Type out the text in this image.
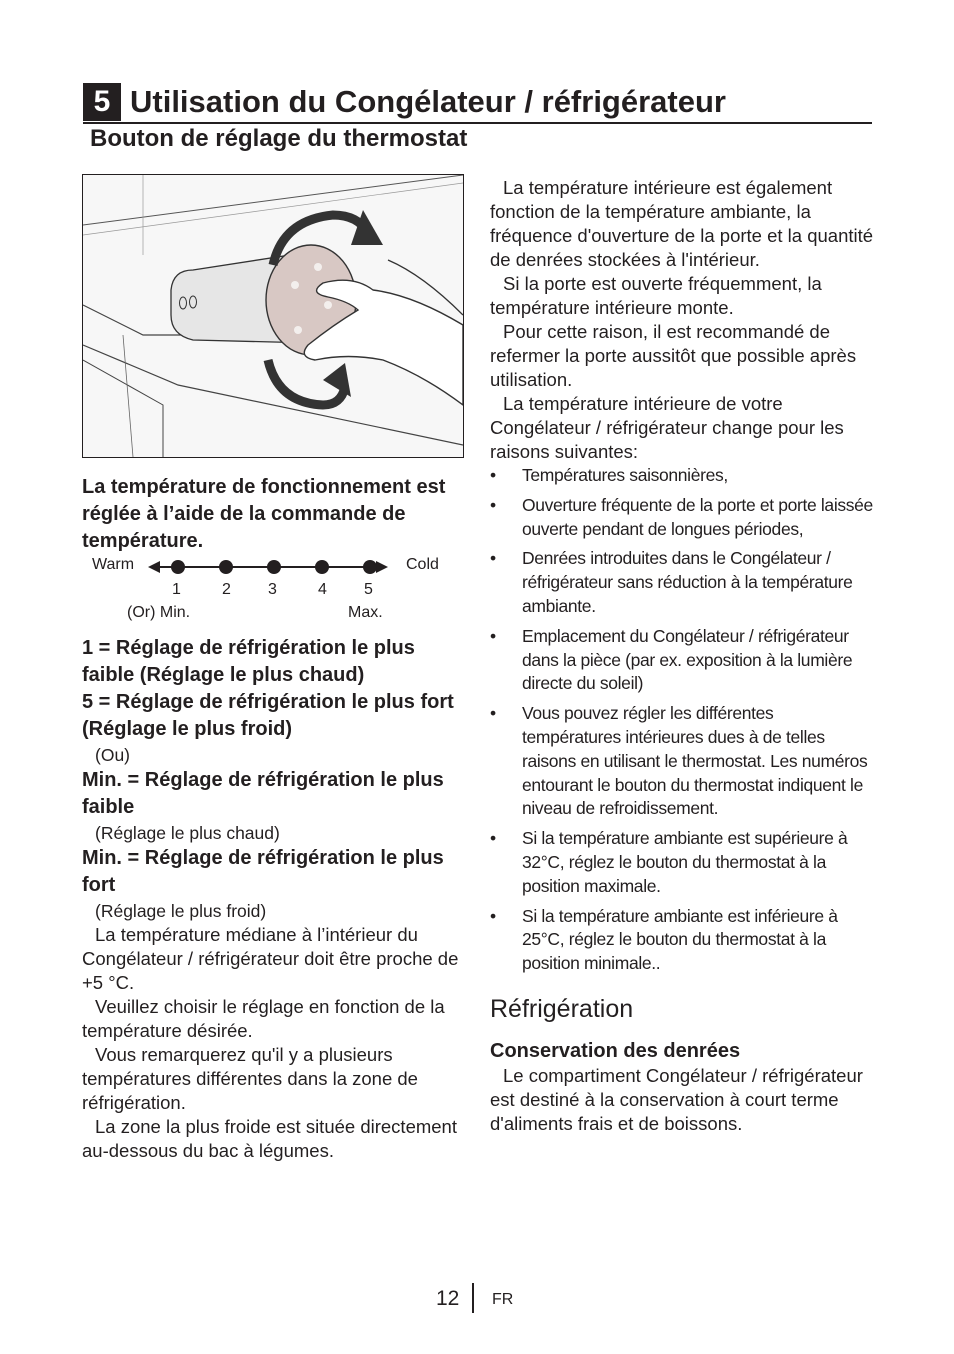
5 Utilisation du Congélateur / réfrigérateur
Bouton de réglage du thermostat

La température de fonctionnement est réglée à l’aide de la commande de température.

Warm	Cold
1	2 3	4 5
(Or) Min.	Max.

1 = Réglage de réfrigération le plus faible (Réglage le plus chaud)

5 = Réglage de réfrigération le plus fort (Réglage le plus froid)

(Ou)

Min. = Réglage de réfrigération le plus faible

(Réglage le plus chaud)

Min. = Réglage de réfrigération le plus fort

(Réglage le plus froid)

La température médiane à l’intérieur du Congélateur / réfrigérateur doit être proche de +5 °C.

Veuillez choisir le réglage en fonction de la température désirée.

Vous remarquerez qu'il y a plusieurs températures différentes dans la zone de réfrigération.

La zone la plus froide est située directement au-dessous du bac à légumes.

La température intérieure est également fonction de la température ambiante, la fréquence d'ouverture de la porte et la quantité de denrées stockées à l'intérieur.

Si la porte est ouverte fréquemment, la température intérieure monte.

Pour cette raison, il est recommandé de refermer la porte aussitôt que possible après utilisation.

La température intérieure de votre Congélateur / réfrigérateur change pour les raisons suivantes:

•	Températures saisonnières,
•	Ouverture fréquente de la porte et porte laissée ouverte pendant de longues périodes,
•	Denrées introduites dans le Congélateur / réfrigérateur sans réduction à la température ambiante.
•	Emplacement du Congélateur / réfrigérateur dans la pièce (par ex. exposition à la lumière directe du soleil)
•	Vous pouvez régler les différentes températures intérieures dues à de telles raisons en utilisant le thermostat. Les numéros entourant le bouton du thermostat indiquent le niveau de refroidissement.
•	Si la température ambiante est supérieure à 32°C, réglez le bouton du thermostat à la position maximale.
•	Si la température ambiante est inférieure à 25°C, réglez le bouton du thermostat à la position minimale..
Réfrigération
Conservation des denrées

Le compartiment Congélateur / réfrigérateur est destiné à la conservation à court terme d'aliments frais et de boissons.

12 FR
